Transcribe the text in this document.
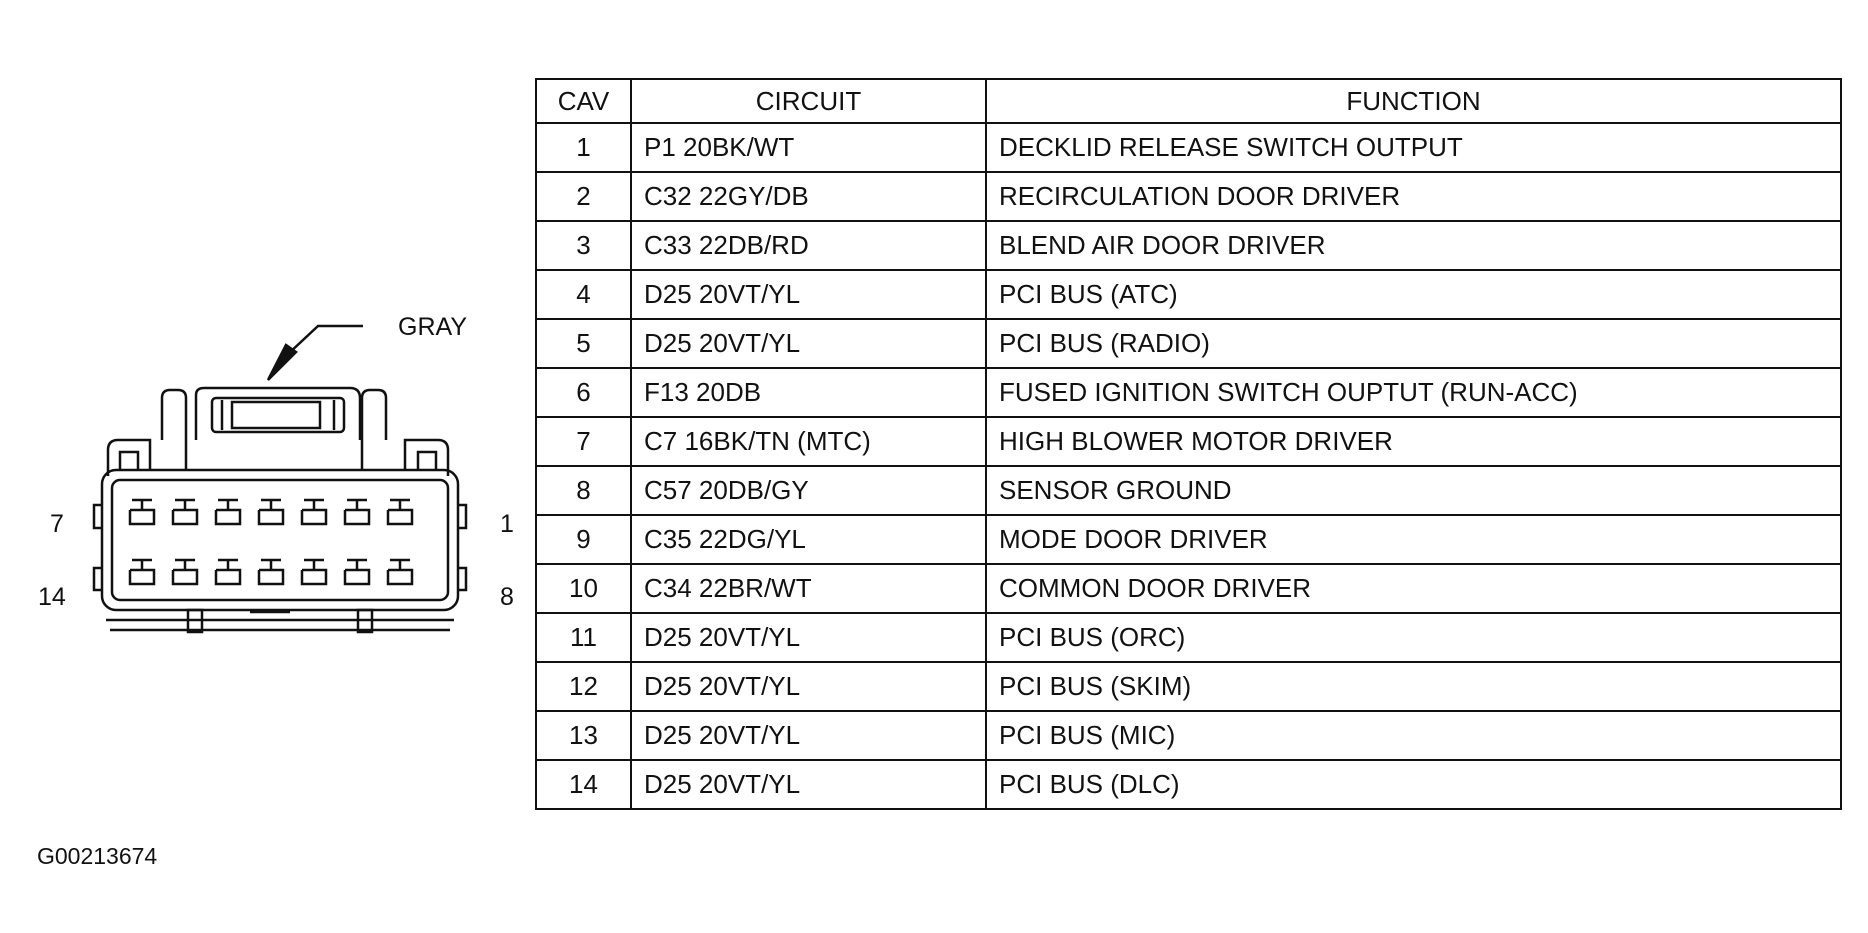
GRAY
7	1
14	8
CAV	CIRCUIT	FUNCTION
1	P1 20BK/WT	DECKLID RELEASE SWITCH OUTPUT
2	C32 22GY/DB	RECIRCULATION DOOR DRIVER
3	C33 22DB/RD	BLEND AIR DOOR DRIVER
4	D25 20VT/YL	PCI BUS (ATC)
5	D25 20VT/YL	PCI BUS (RADIO)
6	F13 20DB	FUSED IGNITION SWITCH OUPTUT (RUN-ACC)
7	C7 16BK/TN (MTC)	HIGH BLOWER MOTOR DRIVER
8	C57 20DB/GY	SENSOR GROUND
9	C35 22DG/YL	MODE DOOR DRIVER
10	C34 22BR/WT	COMMON DOOR DRIVER
11	D25 20VT/YL	PCI BUS (ORC)
12	D25 20VT/YL	PCI BUS (SKIM)
13	D25 20VT/YL	PCI BUS (MIC)
14	D25 20VT/YL	PCI BUS (DLC)
G00213674
